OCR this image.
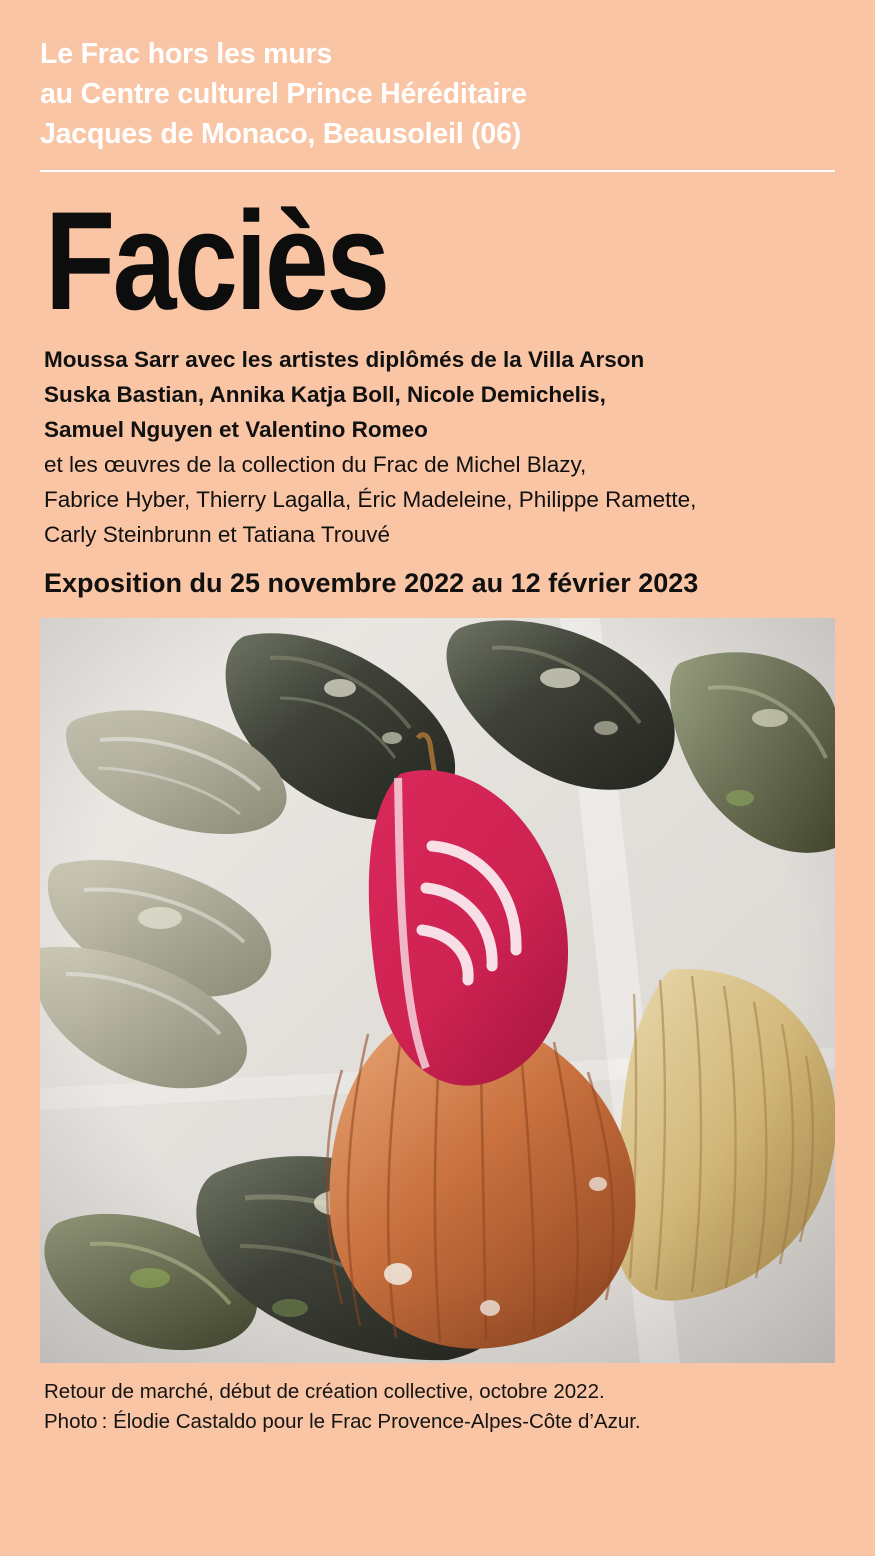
Le Frac hors les murs
au Centre culturel Prince Héréditaire
Jacques de Monaco, Beausoleil (06)
Faciès
Moussa Sarr avec les artistes diplômés de la Villa Arson
Suska Bastian, Annika Katja Boll, Nicole Demichelis,
Samuel Nguyen et Valentino Romeo
et les œuvres de la collection du Frac de Michel Blazy,
Fabrice Hyber, Thierry Lagalla, Éric Madeleine, Philippe Ramette,
Carly Steinbrunn et Tatiana Trouvé
Exposition du 25 novembre 2022 au 12 février 2023
Retour de marché, début de création collective, octobre 2022.
Photo : Élodie Castaldo pour le Frac Provence-Alpes-Côte d’Azur.
